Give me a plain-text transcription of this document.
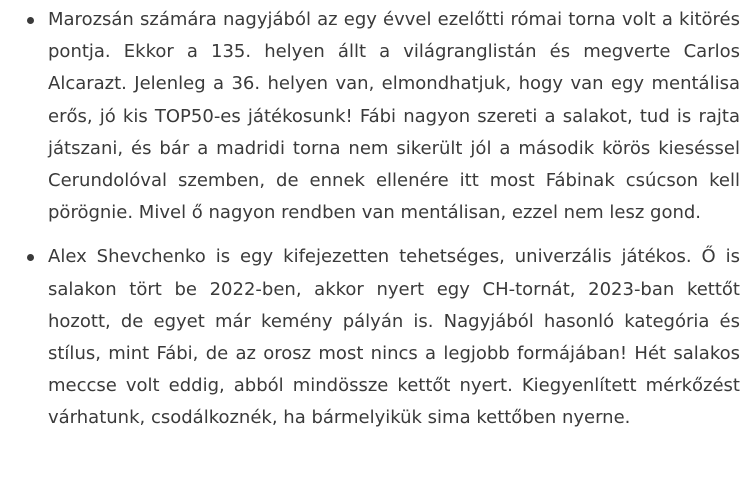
Marozsán számára nagyjából az egy évvel ezelőtti római torna volt a kitörés pontja. Ekkor a 135. helyen állt a világranglistán és megverte Carlos Alcarazt. Jelenleg a 36. helyen van, elmondhatjuk, hogy van egy mentálisa erős, jó kis TOP50-es játékosunk! Fábi nagyon szereti a salakot, tud is rajta játszani, és bár a madridi torna nem sikerült jól a második körös kieséssel Cerundolóval szemben, de ennek ellenére itt most Fábinak csúcson kell pörögnie. Mivel ő nagyon rendben van mentálisan, ezzel nem lesz gond.
Alex Shevchenko is egy kifejezetten tehetséges, univerzális játékos. Ő is salakon tört be 2022-ben, akkor nyert egy CH-tornát, 2023-ban kettőt hozott, de egyet már kemény pályán is. Nagyjából hasonló kategória és stílus, mint Fábi, de az orosz most nincs a legjobb formájában! Hét salakos meccse volt eddig, abból mindössze kettőt nyert. Kiegyenlített mérkőzést várhatunk, csodálkoznék, ha bármelyikük sima kettőben nyerne.
